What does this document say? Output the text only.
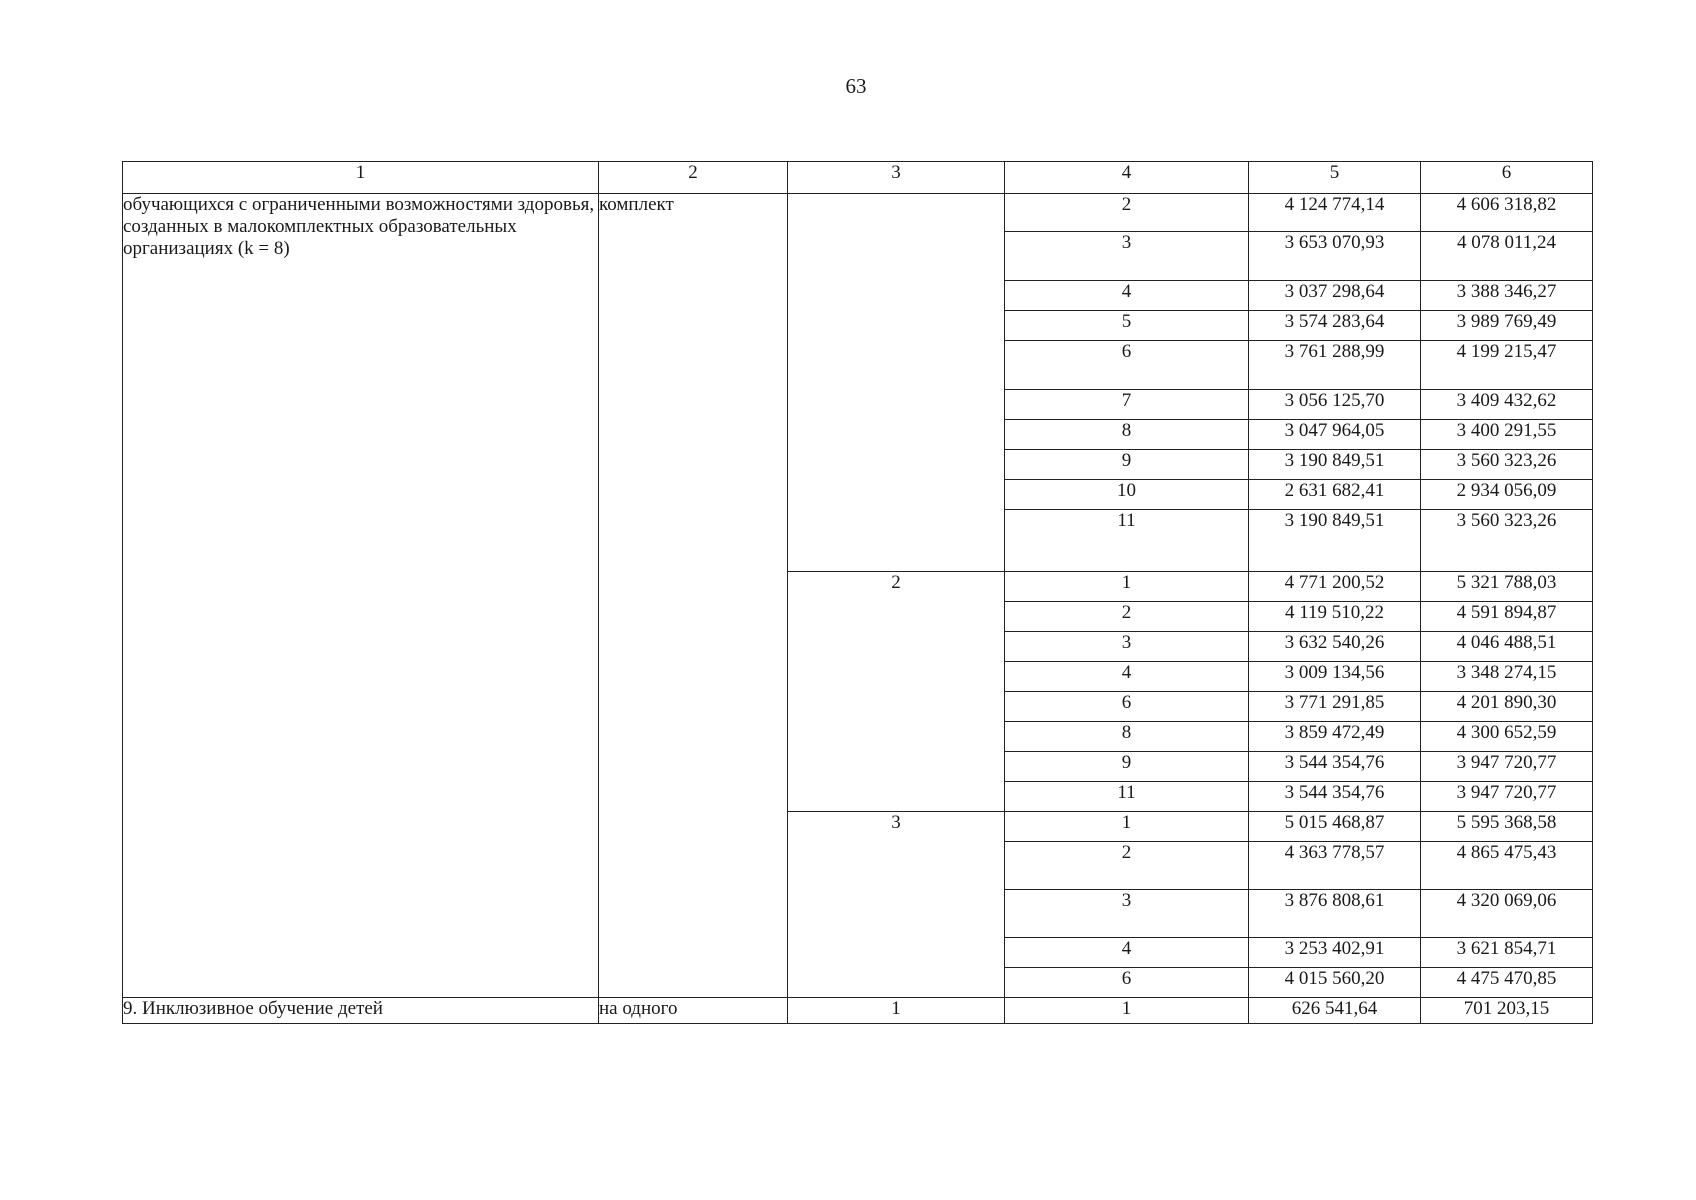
63
1	2	3	4	5	6
обучающихся с ограниченными возможностями здоровья, созданных в малокомплектных образовательных организациях (k = 8)	комплект		2	4 124 774,14	4 606 318,82
			3	3 653 070,93	4 078 011,24
			4	3 037 298,64	3 388 346,27
			5	3 574 283,64	3 989 769,49
			6	3 761 288,99	4 199 215,47
			7	3 056 125,70	3 409 432,62
			8	3 047 964,05	3 400 291,55
			9	3 190 849,51	3 560 323,26
			10	2 631 682,41	2 934 056,09
			11	3 190 849,51	3 560 323,26
		2	1	4 771 200,52	5 321 788,03
			2	4 119 510,22	4 591 894,87
			3	3 632 540,26	4 046 488,51
			4	3 009 134,56	3 348 274,15
			6	3 771 291,85	4 201 890,30
			8	3 859 472,49	4 300 652,59
			9	3 544 354,76	3 947 720,77
			11	3 544 354,76	3 947 720,77
		3	1	5 015 468,87	5 595 368,58
			2	4 363 778,57	4 865 475,43
			3	3 876 808,61	4 320 069,06
			4	3 253 402,91	3 621 854,71
			6	4 015 560,20	4 475 470,85
9. Инклюзивное обучение детей	на одного	1	1	626 541,64	701 203,15
